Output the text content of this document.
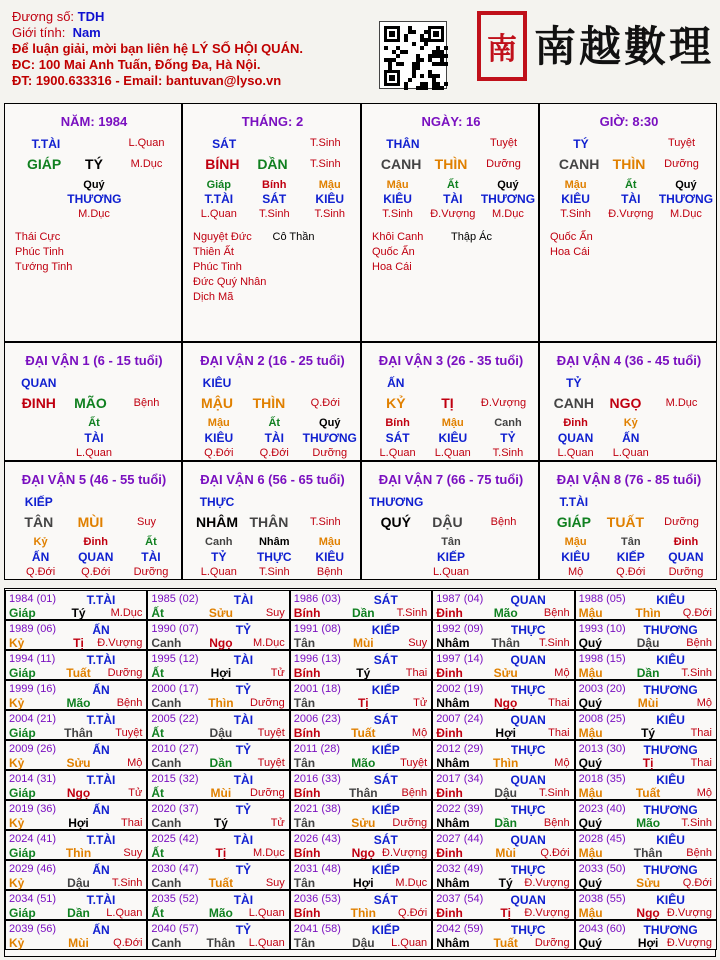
Đương số: TDH
Giới tính: Nam
Để luận giải, mời bạn liên hệ LÝ SỐ HỘI QUÁN.
ĐC: 100 Mai Anh Tuấn, Đống Đa, Hà Nội.
ĐT: 1900.633316 - Email: bantuvan@lyso.vn
南 南越數理
NĂM: 1984
T.TÀI	L.Quan
GIÁP	TÝ	M.Dục
Quý
THƯƠNG
M.Dục
Thái Cực
Phúc Tinh
Tướng Tinh
THÁNG: 2
SÁT	T.Sinh
BÍNH	DẦN	T.Sinh
Giáp
T.TÀI
L.Quan
Bính
SÁT
T.Sinh
Mậu
KIÊU
T.Sinh
Nguyệt Đức
Thiên Ất
Phúc Tinh
Đức Quý Nhân
Dịch Mã
Cô Thần
NGÀY: 16
THÂN	Tuyệt
CANH THÌN	Dưỡng
Mậu
KIÊU
T.Sinh
Ất
TÀI
Đ.Vượng
Quý
THƯƠNG
M.Dục
Khôi Canh
Quốc Ấn
Hoa Cái
Thập Ác
GIỜ: 8:30
TÝ	Tuyệt
CANH THÌN	Dưỡng
Mậu
KIÊU
T.Sinh
Ất
TÀI
Đ.Vượng
Quý
THƯƠNG
M.Dục
Quốc Ấn
Hoa Cái
ĐẠI VẬN 1 (6 - 15 tuổi)
QUAN
ĐINH	MÃO	Bệnh
Ất
TÀI
L.Quan
ĐẠI VẬN 2 (16 - 25 tuổi)
KIÊU
MẬU	THÌN	Q.Đới
Mậu
KIÊU
Q.Đới
Ất
TÀI
Q.Đới
Quý
THƯƠNG
Dưỡng
ĐẠI VẬN 3 (26 - 35 tuổi)
ẤN
KỶ	TỊ	Đ.Vượng
Bính
SÁT
L.Quan
Mậu
KIÊU
L.Quan
Canh
TỶ
T.Sinh
ĐẠI VẬN 4 (36 - 45 tuổi)
TỶ
CANH	NGỌ	M.Dục
Đinh
QUAN
L.Quan
Kỷ
ẤN
L.Quan
ĐẠI VẬN 5 (46 - 55 tuổi)
KIẾP
TÂN	MÙI	Suy
Kỷ
ẤN
Q.Đới
Đinh
QUAN
Q.Đới
Ất
TÀI
Dưỡng
ĐẠI VẬN 6 (56 - 65 tuổi)
THỰC
NHÂM THÂN	T.Sinh
Canh
TỶ
L.Quan
Nhâm
THỰC
T.Sinh
Mậu
KIÊU
Bệnh
ĐẠI VẬN 7 (66 - 75 tuổi)
THƯƠNG
QUÝ	DẬU	Bệnh
Tân
KIẾP
L.Quan
ĐẠI VẬN 8 (76 - 85 tuổi)
T.TÀI
GIÁP	TUẤT	Dưỡng
Mậu
KIÊU
Mộ
Tân
KIẾP
Q.Đới
Đinh
QUAN
Dưỡng
1984 (01)	T.TÀI
Giáp	Tý	M.Dục
1985 (02)	TÀI
Ất	Sửu	Suy
1986 (03)	SÁT
Bính	Dần	T.Sinh
1987 (04)	QUAN
Đinh	Mão	Bệnh
1988 (05)	KIÊU
Mậu	Thìn	Q.Đới
1989 (06)	ẤN
Kỷ	Tị	Đ.Vượng
1990 (07)	TỶ
Canh	Ngọ	M.Dục
1991 (08)	KIẾP
Tân	Mùi	Suy
1992 (09)	THỰC
Nhâm	Thân	T.Sinh
1993 (10)	THƯƠNG
Quý	Dậu	Bệnh
1994 (11)	T.TÀI
Giáp	Tuất	Dưỡng
1995 (12)	TÀI
Ất	Hợi	Tử
1996 (13)	SÁT
Bính	Tý	Thai
1997 (14)	QUAN
Đinh	Sửu	Mộ
1998 (15)	KIÊU
Mậu	Dần	T.Sinh
1999 (16)	ẤN
Kỷ	Mão	Bệnh
2000 (17)	TỶ
Canh	Thìn	Dưỡng
2001 (18)	KIẾP
Tân	Tị	Tử
2002 (19)	THỰC
Nhâm	Ngọ	Thai
2003 (20)	THƯƠNG
Quý	Mùi	Mộ
2004 (21)	T.TÀI
Giáp	Thân	Tuyệt
2005 (22)	TÀI
Ất	Dậu	Tuyệt
2006 (23)	SÁT
Bính	Tuất	Mộ
2007 (24)	QUAN
Đinh	Hợi	Thai
2008 (25)	KIÊU
Mậu	Tý	Thai
2009 (26)	ẤN
Kỷ	Sửu	Mộ
2010 (27)	TỶ
Canh	Dần	Tuyệt
2011 (28)	KIẾP
Tân	Mão	Tuyệt
2012 (29)	THỰC
Nhâm	Thìn	Mộ
2013 (30)	THƯƠNG
Quý	Tị	Thai
2014 (31)	T.TÀI
Giáp	Ngọ	Tử
2015 (32)	TÀI
Ất	Mùi	Dưỡng
2016 (33)	SÁT
Bính	Thân	Bệnh
2017 (34)	QUAN
Đinh	Dậu	T.Sinh
2018 (35)	KIÊU
Mậu	Tuất	Mộ
2019 (36)	ẤN
Kỷ	Hợi	Thai
2020 (37)	TỶ
Canh	Tý	Tử
2021 (38)	KIẾP
Tân	Sửu	Dưỡng
2022 (39)	THỰC
Nhâm	Dần	Bệnh
2023 (40)	THƯƠNG
Quý	Mão	T.Sinh
2024 (41)	T.TÀI
Giáp	Thìn	Suy
2025 (42)	TÀI
Ất	Tị	M.Dục
2026 (43)	SÁT
Bính	Ngọ Đ.Vượng
2027 (44)	QUAN
Đinh	Mùi	Q.Đới
2028 (45)	KIÊU
Mậu	Thân	Bệnh
2029 (46)	ẤN
Kỷ	Dậu	T.Sinh
2030 (47)	TỶ
Canh	Tuất	Suy
2031 (48)	KIẾP
Tân	Hợi	M.Dục
2032 (49)	THỰC
Nhâm	Tý	Đ.Vượng
2033 (50)	THƯƠNG
Quý	Sửu	Q.Đới
2034 (51)	T.TÀI
Giáp	Dần	L.Quan
2035 (52)	TÀI
Ất	Mão	L.Quan
2036 (53)	SÁT
Bính	Thìn	Q.Đới
2037 (54)	QUAN
Đinh	Tị	Đ.Vượng
2038 (55)	KIÊU
Mậu	Ngọ Đ.Vượng
2039 (56)	ẤN
Kỷ	Mùi	Q.Đới
2040 (57)	TỶ
Canh	Thân	L.Quan
2041 (58)	KIẾP
Tân	Dậu	L.Quan
2042 (59)	THỰC
Nhâm	Tuất	Dưỡng
2043 (60)	THƯƠNG
Quý	Hợi Đ.Vượng
